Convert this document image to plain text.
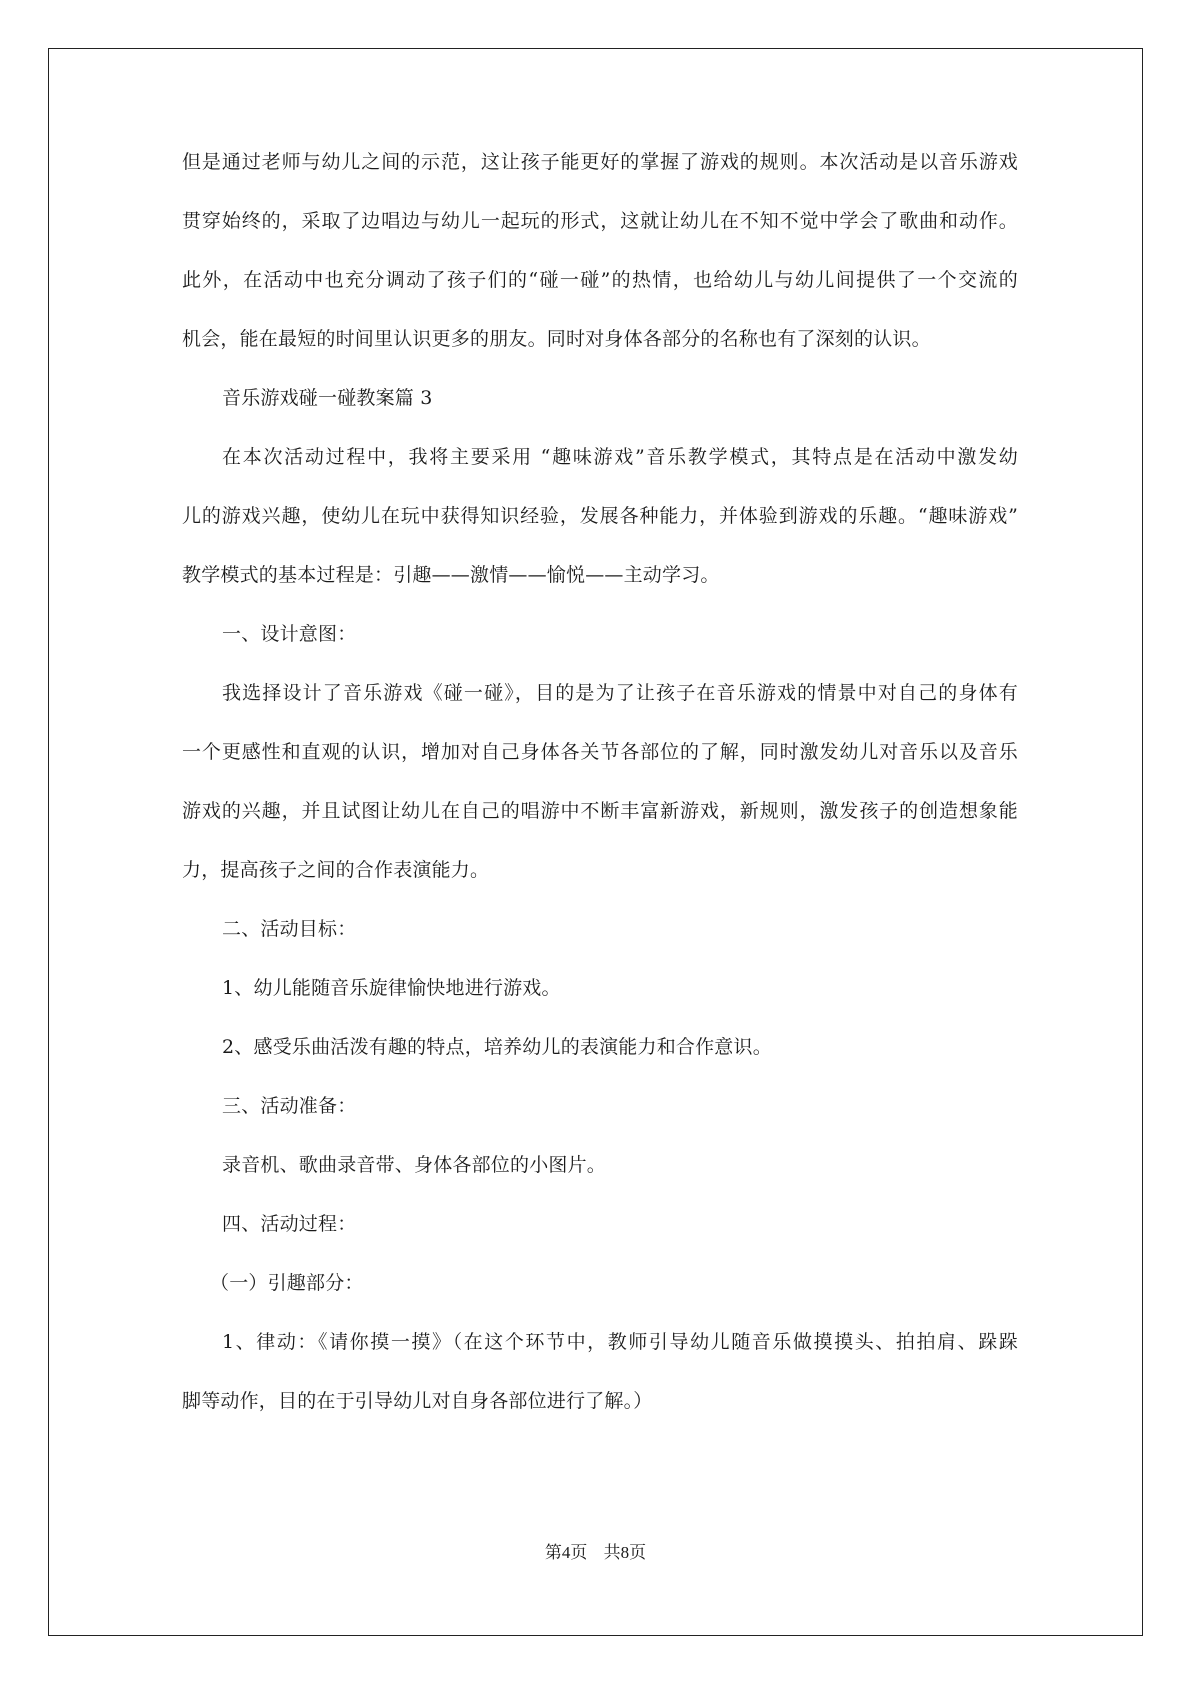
但是通过老师与幼儿之间的示范，这让孩子能更好的掌握了游戏的规则。本次活动是以音乐游戏
贯穿始终的，采取了边唱边与幼儿一起玩的形式，这就让幼儿在不知不觉中学会了歌曲和动作。
此外，在活动中也充分调动了孩子们的“碰一碰”的热情，也给幼儿与幼儿间提供了一个交流的
机会，能在最短的时间里认识更多的朋友。同时对身体各部分的名称也有了深刻的认识。
音乐游戏碰一碰教案篇 3
在本次活动过程中，我将主要采用 “趣味游戏”音乐教学模式，其特点是在活动中激发幼
儿的游戏兴趣，使幼儿在玩中获得知识经验，发展各种能力，并体验到游戏的乐趣。“趣味游戏”
教学模式的基本过程是：引趣——激情——愉悦——主动学习。
一、设计意图：
我选择设计了音乐游戏《碰一碰》，目的是为了让孩子在音乐游戏的情景中对自己的身体有
一个更感性和直观的认识，增加对自己身体各关节各部位的了解，同时激发幼儿对音乐以及音乐
游戏的兴趣，并且试图让幼儿在自己的唱游中不断丰富新游戏，新规则，激发孩子的创造想象能
力，提高孩子之间的合作表演能力。
二、活动目标：
1、幼儿能随音乐旋律愉快地进行游戏。
2、感受乐曲活泼有趣的特点，培养幼儿的表演能力和合作意识。
三、活动准备：
录音机、歌曲录音带、身体各部位的小图片。
四、活动过程：
（一）引趣部分：
1、律动：《请你摸一摸》（在这个环节中，教师引导幼儿随音乐做摸摸头、拍拍肩、跺跺
脚等动作，目的在于引导幼儿对自身各部位进行了解。）
第4页 共8页
